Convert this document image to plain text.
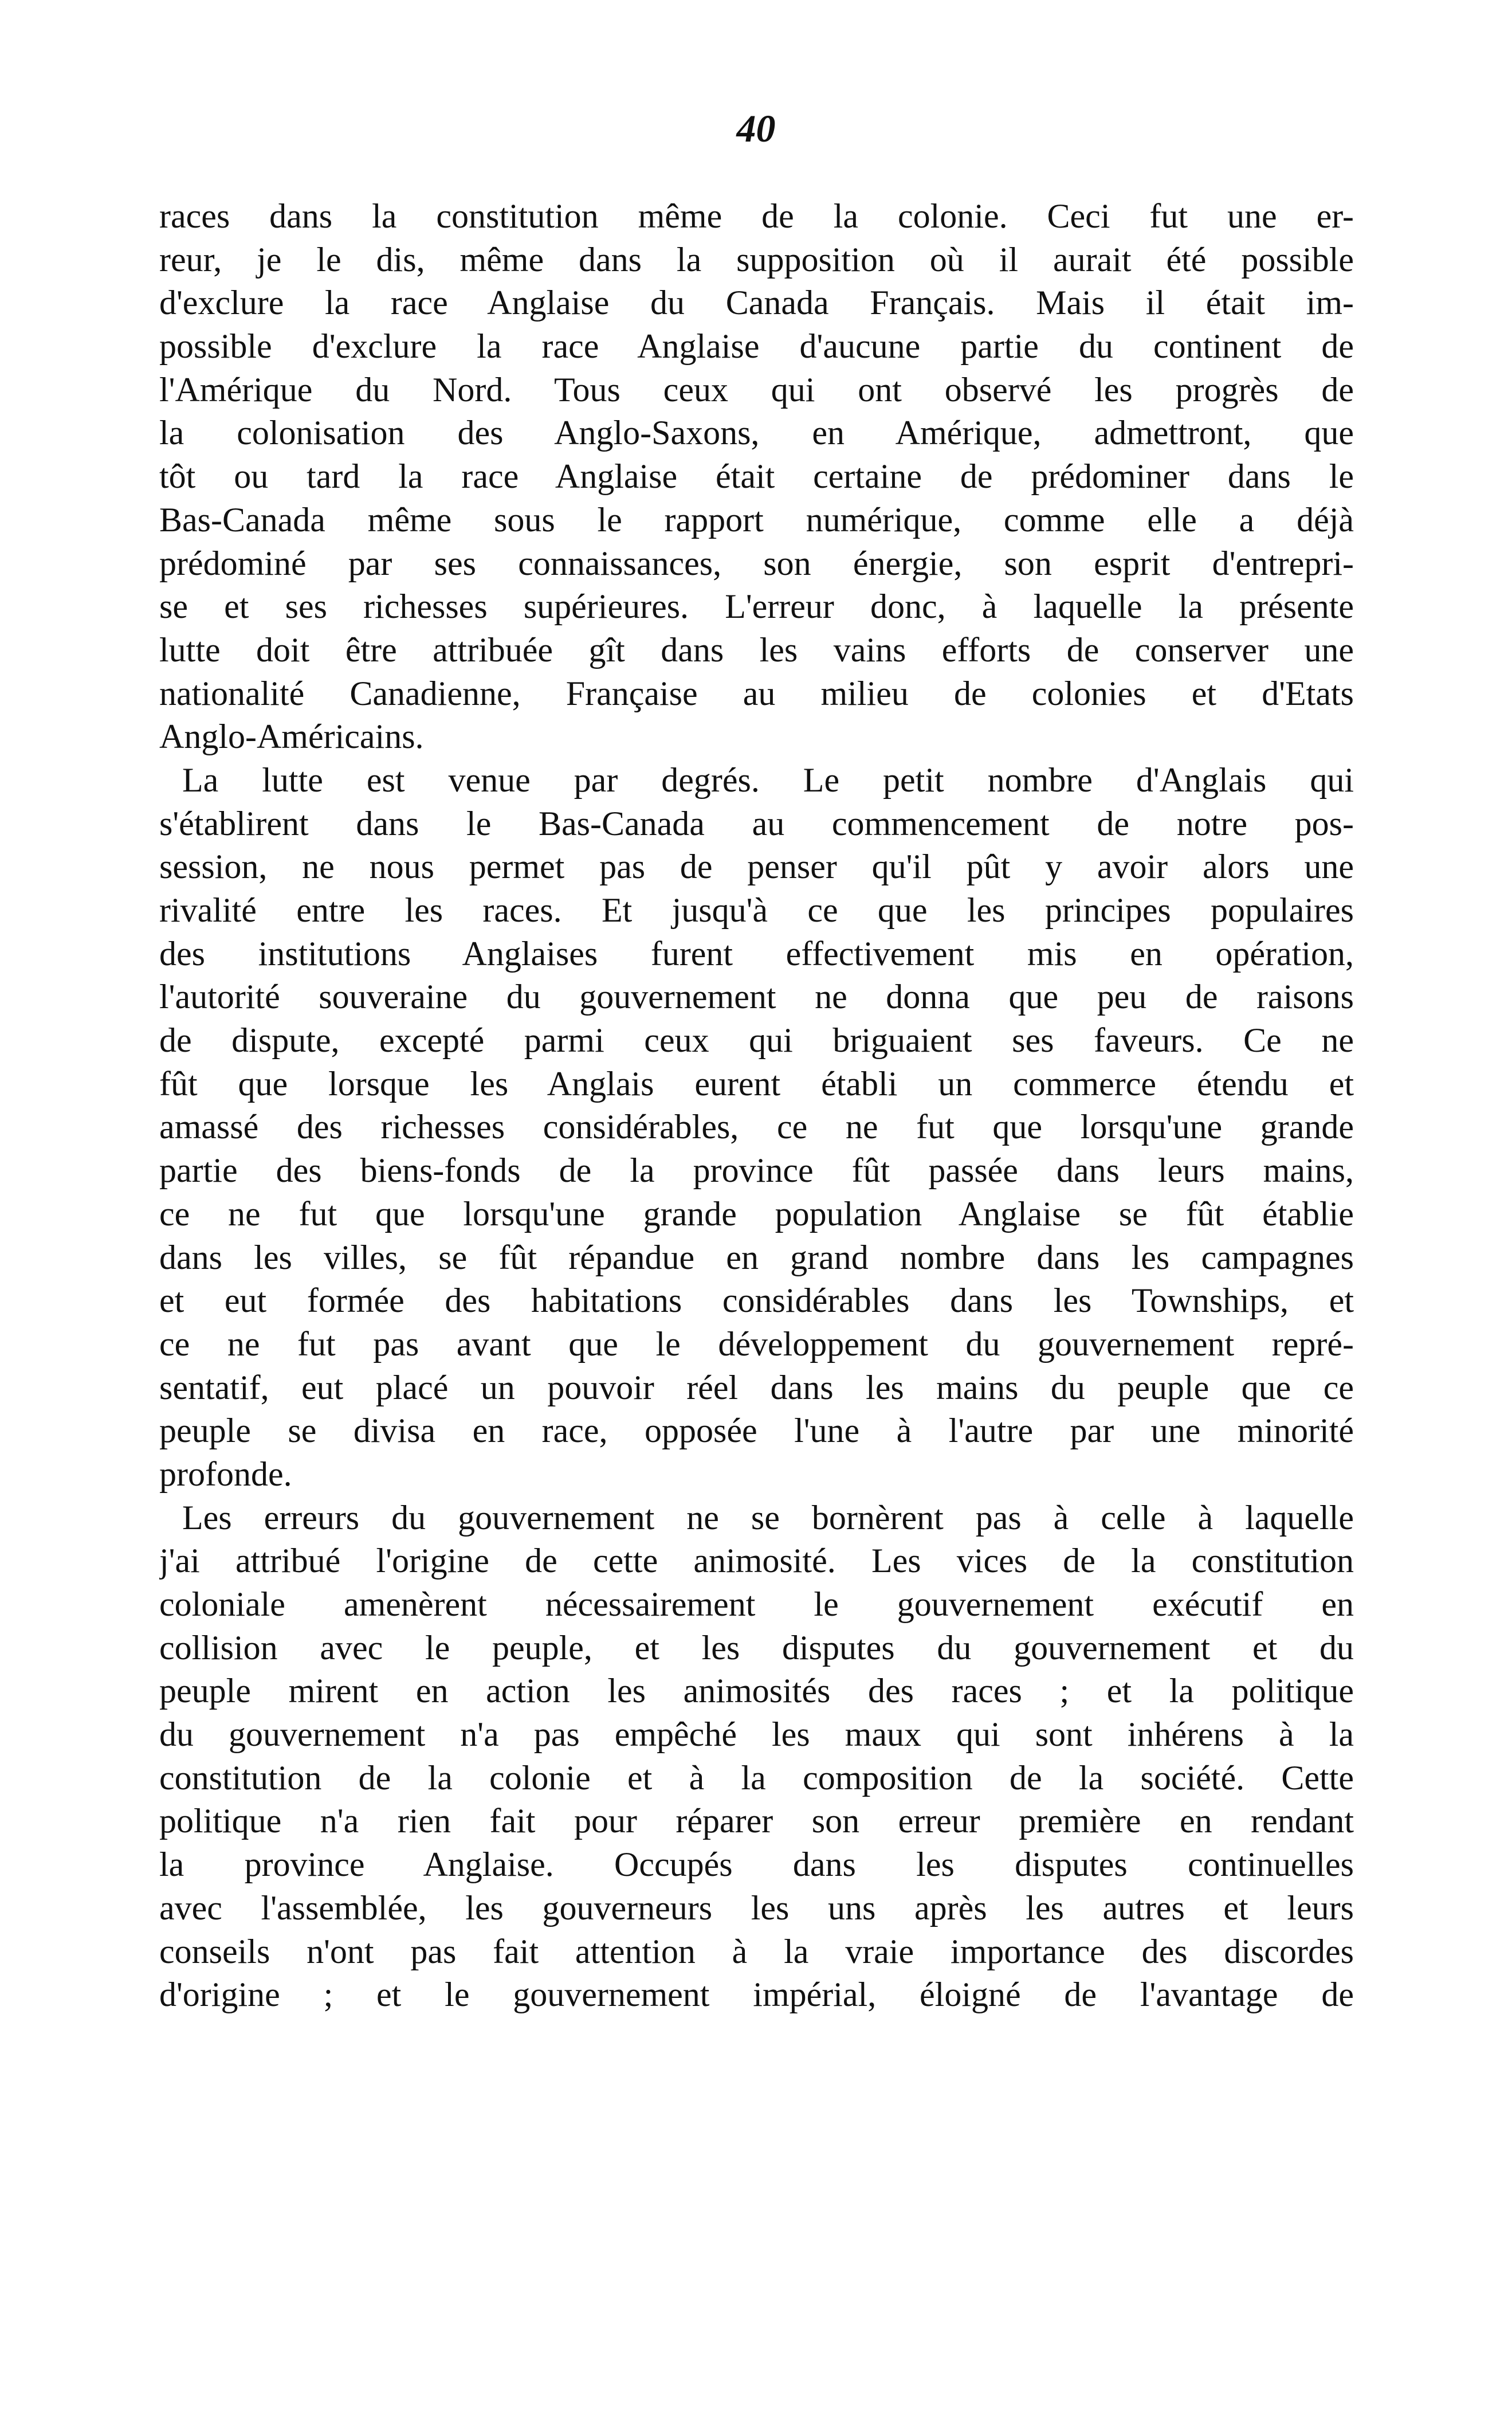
40
races dans la constitution même de la colonie. Ceci fut une er-
reur, je le dis, même dans la supposition où il aurait été possible
d'exclure la race Anglaise du Canada Français. Mais il était im-
possible d'exclure la race Anglaise d'aucune partie du continent de
l'Amérique du Nord. Tous ceux qui ont observé les progrès de
la colonisation des Anglo-Saxons, en Amérique, admettront, que
tôt ou tard la race Anglaise était certaine de prédominer dans le
Bas-Canada même sous le rapport numérique, comme elle a déjà
prédominé par ses connaissances, son énergie, son esprit d'entrepri-
se et ses richesses supérieures. L'erreur donc, à laquelle la présente
lutte doit être attribuée gît dans les vains efforts de conserver une
nationalité Canadienne, Française au milieu de colonies et d'Etats
Anglo-Américains.
La lutte est venue par degrés. Le petit nombre d'Anglais qui
s'établirent dans le Bas-Canada au commencement de notre pos-
session, ne nous permet pas de penser qu'il pût y avoir alors une
rivalité entre les races. Et jusqu'à ce que les principes populaires
des institutions Anglaises furent effectivement mis en opération,
l'autorité souveraine du gouvernement ne donna que peu de raisons
de dispute, excepté parmi ceux qui briguaient ses faveurs. Ce ne
fût que lorsque les Anglais eurent établi un commerce étendu et
amassé des richesses considérables, ce ne fut que lorsqu'une grande
partie des biens-fonds de la province fût passée dans leurs mains,
ce ne fut que lorsqu'une grande population Anglaise se fût établie
dans les villes, se fût répandue en grand nombre dans les campagnes
et eut formée des habitations considérables dans les Townships, et
ce ne fut pas avant que le développement du gouvernement repré-
sentatif, eut placé un pouvoir réel dans les mains du peuple que ce
peuple se divisa en race, opposée l'une à l'autre par une minorité
profonde.
Les erreurs du gouvernement ne se bornèrent pas à celle à laquelle
j'ai attribué l'origine de cette animosité. Les vices de la constitution
coloniale amenèrent nécessairement le gouvernement exécutif en
collision avec le peuple, et les disputes du gouvernement et du
peuple mirent en action les animosités des races ; et la politique
du gouvernement n'a pas empêché les maux qui sont inhérens à la
constitution de la colonie et à la composition de la société. Cette
politique n'a rien fait pour réparer son erreur première en rendant
la province Anglaise. Occupés dans les disputes continuelles
avec l'assemblée, les gouverneurs les uns après les autres et leurs
conseils n'ont pas fait attention à la vraie importance des discordes
d'origine ; et le gouvernement impérial, éloigné de l'avantage de
